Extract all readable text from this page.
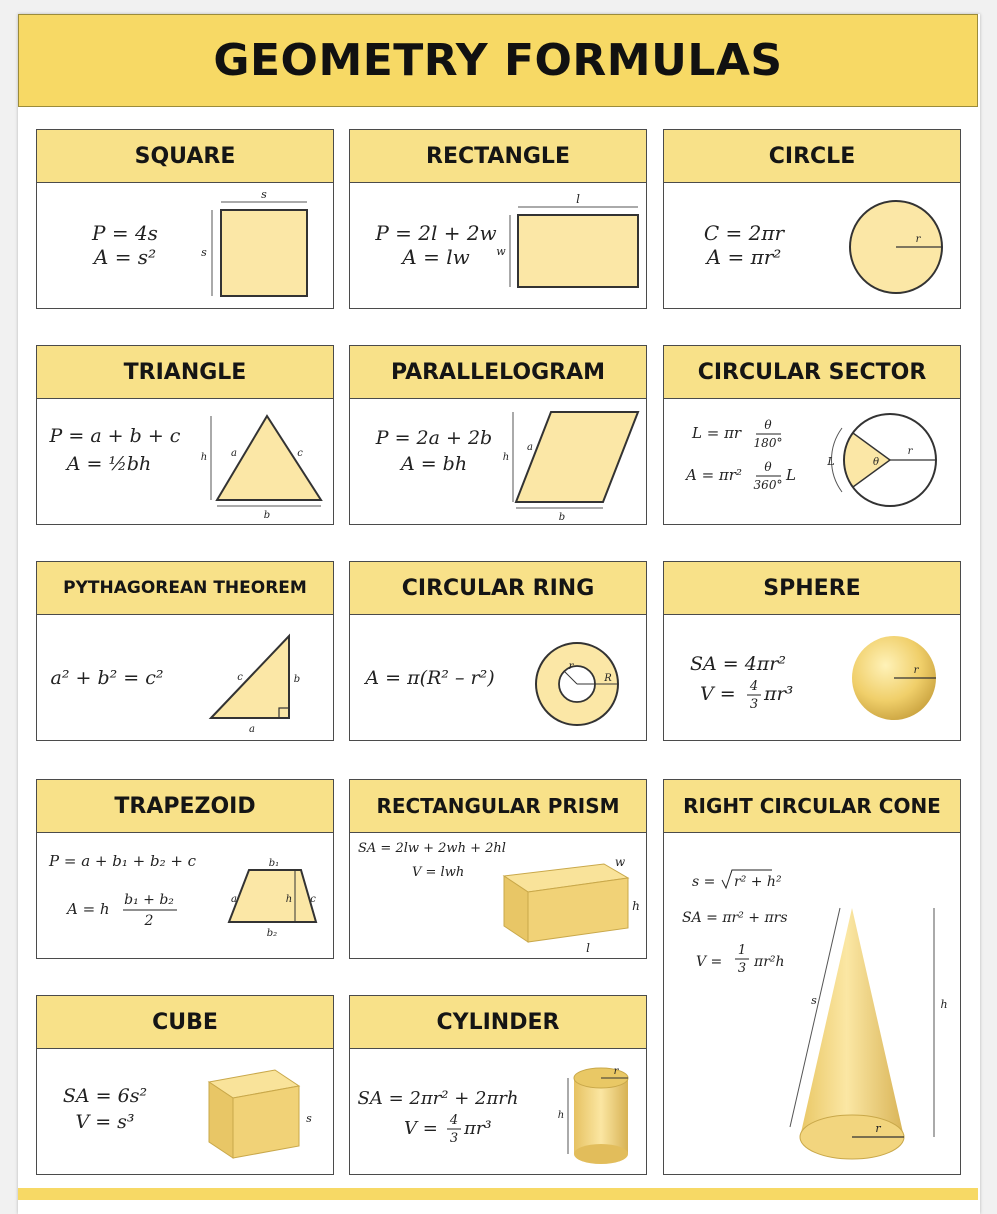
GEOMETRY FORMULAS
SQUARE
P = 4s
A = s²
s
s
RECTANGLE
P = 2l + 2w
A = lw
l
w
CIRCLE
C = 2πr
A = πr²
r
TRIANGLE
P = a + b + c
A = ½bh	h a	c
b
PARALLELOGRAM
P = 2a + 2b
A = bh	h
a
b
CIRCULAR SECTOR
L = πr θ
180°
A = πr² θ
360°
L
L	θ
r
PYTHAGOREAN THEOREM
a² + b² = c²	c	b
a
CIRCULAR RING
A = π(R² – r²)
r
R
SPHERE
SA = 4πr²
V = 4
3 πr³
r
TRAPEZOID
P = a + b₁ + b₂ + c
A = h b₁ + b₂
2
b₁
b₂
a	h c
RECTANGULAR PRISM
SA = 2lw + 2wh + 2hl
V = lwh
w
h
l
RIGHT CIRCULAR CONE
s = r² + h²
SA = πr² + πrs
V =
1
3 πr²h
s	h
r
CUBE
SA = 6s²
V = s³	s
CYLINDER
SA = 2πr² + 2πrh
V = 4
3 πr³
r
h
